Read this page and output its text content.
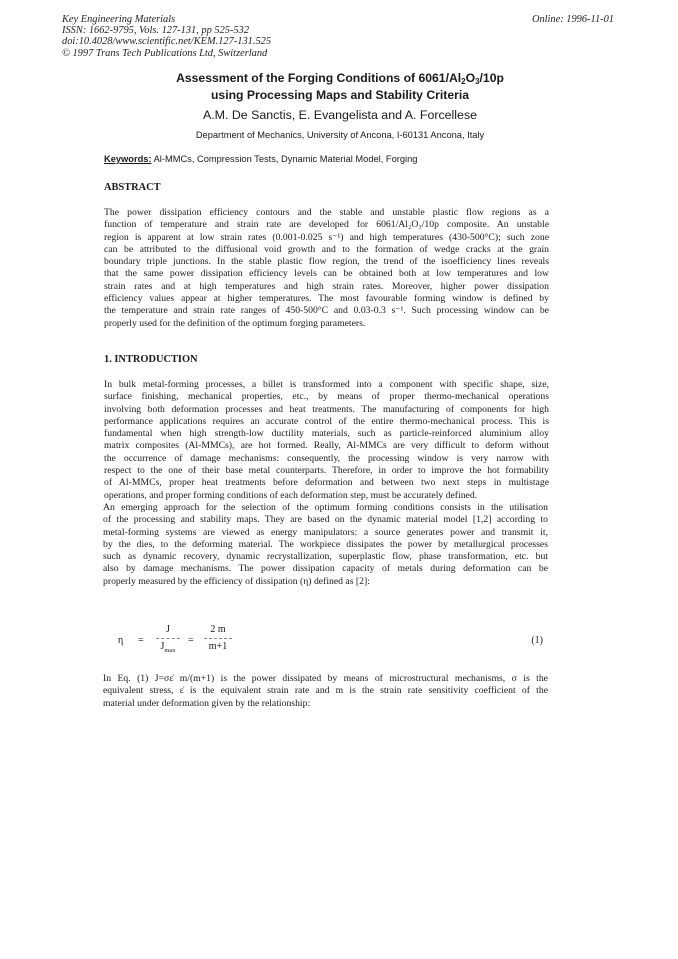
Key Engineering Materials
ISSN: 1662-9795, Vols. 127-131, pp 525-532
doi:10.4028/www.scientific.net/KEM.127-131.525
© 1997 Trans Tech Publications Ltd, Switzerland
Online: 1996-11-01
Assessment of the Forging Conditions of $6061/Al_2O_3/10p$
using Processing Maps and Stability Criteria
A.M. De Sanctis, E. Evangelista and A. Forcellese
Department of Mechanics, University of Ancona, I-60131 Ancona, Italy
Keywords: Al-MMCs, Compression Tests, Dynamic Material Model, Forging
ABSTRACT
The power dissipation efficiency contours and the stable and unstable plastic flow regions as a
function of temperature and strain rate are developed for 6061/Al₂O₃/10p composite. An unstable
region is apparent at low strain rates (0.001-0.025 s⁻¹) and high temperatures (430-500°C); such zone
can be attributed to the diffusional void growth and to the formation of wedge cracks at the grain
boundary triple junctions. In the stable plastic flow region, the trend of the isoefficiency lines reveals
that the same power dissipation efficiency levels can be obtained both at low temperatures and low
strain rates and at high temperatures and high strain rates. Moreover, higher power dissipation
efficiency values appear at higher temperatures. The most favourable forming window is defined by
the temperature and strain rate ranges of 450-500°C and 0.03-0.3 s⁻¹. Such processing window can be
properly used for the definition of the optimum forging parameters.
1. INTRODUCTION
In bulk metal-forming processes, a billet is transformed into a component with specific shape, size,
surface finishing, mechanical properties, etc., by means of proper thermo-mechanical operations
involving both deformation processes and heat treatments. The manufacturing of components for high
performance applications requires an accurate control of the entire thermo-mechanical process. This is
fundamental when high strength-low ductility materials, such as particle-reinforced aluminium alloy
matrix composites (Al-MMCs), are hot formed. Really, Al-MMCs are very difficult to deform without
the occurrence of damage mechanisms: consequently, the processing window is very narrow with
respect to the one of their base metal counterparts. Therefore, in order to improve the hot formability
of Al-MMCs, proper heat treatments before deformation and between two next steps in multistage
operations, and proper forming conditions of each deformation step, must be accurately defined.
An emerging approach for the selection of the optimum forming conditions consists in the utilisation
of the processing and stability maps. They are based on the dynamic material model [1,2] according to
metal-forming systems are viewed as energy manipulators: a source generates power and transmit it,
by the dies, to the deforming material. The workpiece dissipates the power by metallurgical processes
such as dynamic recovery, dynamic recrystallization, superplastic flow, phase transformation, etc. but
also by damage mechanisms. The power dissipation capacity of metals during deformation can be
properly measured by the efficiency of dissipation (η) defined as [2]:
η =
J
$J_{max}$
=
2 m
m+1
(1)
In Eq. (1) J=σε̇ m/(m+1) is the power dissipated by means of microstructural mechanisms, σ is the
equivalent stress, ε̇ is the equivalent strain rate and m is the strain rate sensitivity coefficient of the
material under deformation given by the relationship:
